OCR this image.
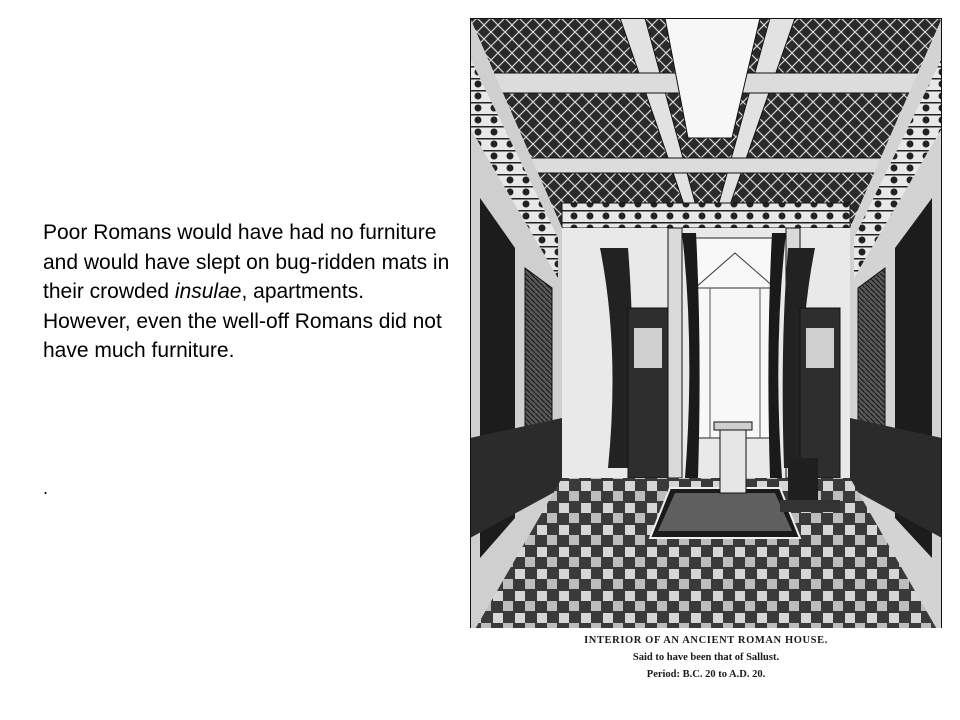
Poor Romans would have had no furniture and would have slept on bug-ridden mats in their crowded insulae, apartments. However, even the well-off Romans did not have much furniture.
.
INTERIOR OF AN ANCIENT ROMAN HOUSE.
Said to have been that of Sallust.
Period: B.C. 20 to A.D. 20.
